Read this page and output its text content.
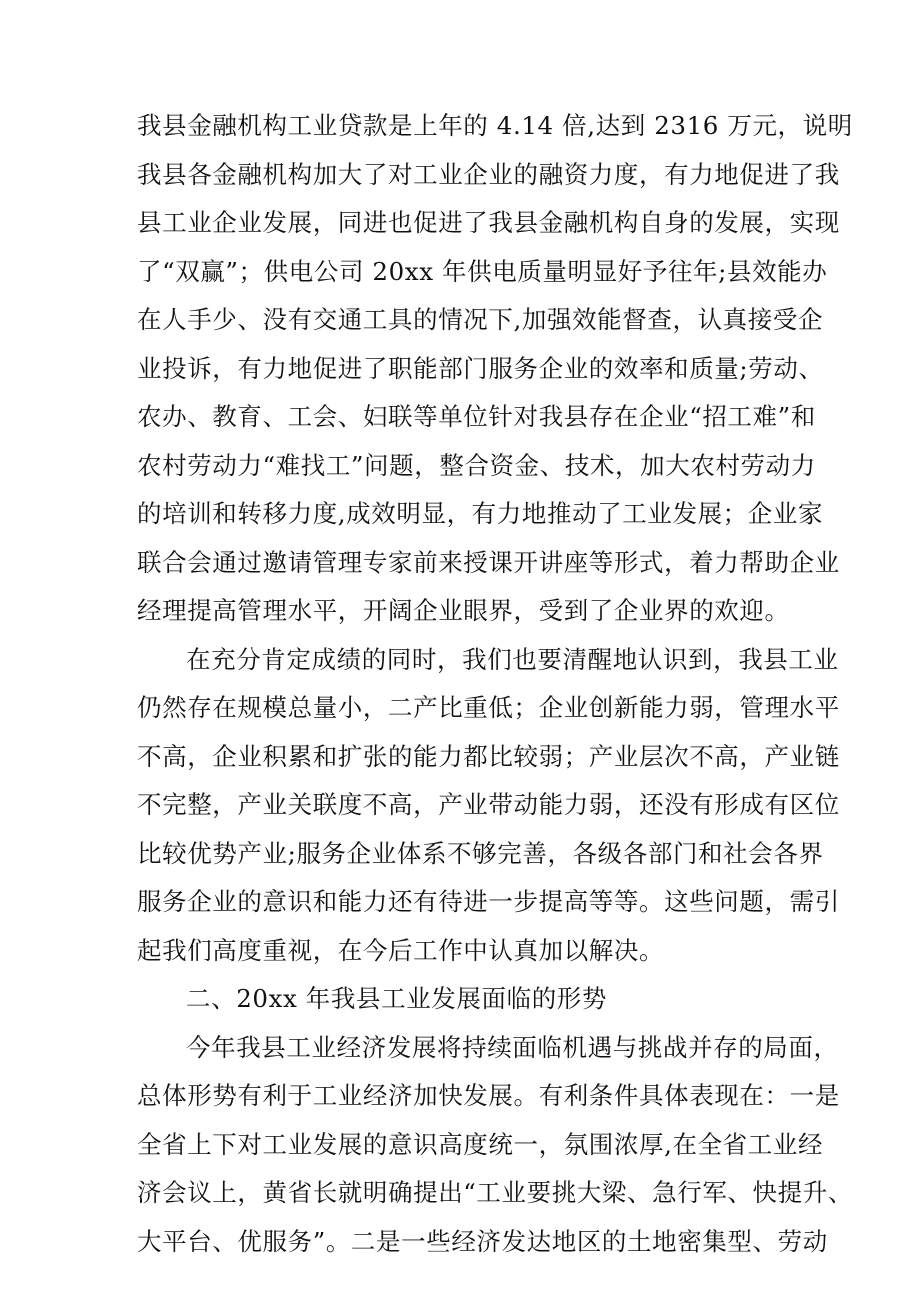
我县金融机构工业贷款是上年的 4.14 倍,达到 2316 万元，说明
我县各金融机构加大了对工业企业的融资力度，有力地促进了我
县工业企业发展，同进也促进了我县金融机构自身的发展，实现
了“双赢”；供电公司 20xx 年供电质量明显好予往年;县效能办
在人手少、没有交通工具的情况下,加强效能督查，认真接受企
业投诉，有力地促进了职能部门服务企业的效率和质量;劳动、
农办、教育、工会、妇联等单位针对我县存在企业“招工难”和
农村劳动力“难找工”问题，整合资金、技术，加大农村劳动力
的培训和转移力度,成效明显，有力地推动了工业发展；企业家
联合会通过邀请管理专家前来授课开讲座等形式，着力帮助企业
经理提高管理水平，开阔企业眼界，受到了企业界的欢迎。
在充分肯定成绩的同时，我们也要清醒地认识到，我县工业
仍然存在规模总量小，二产比重低；企业创新能力弱，管理水平
不高，企业积累和扩张的能力都比较弱；产业层次不高，产业链
不完整，产业关联度不高，产业带动能力弱，还没有形成有区位
比较优势产业;服务企业体系不够完善，各级各部门和社会各界
服务企业的意识和能力还有待进一步提高等等。这些问题，需引
起我们高度重视，在今后工作中认真加以解决。
二、20xx 年我县工业发展面临的形势
今年我县工业经济发展将持续面临机遇与挑战并存的局面，
总体形势有利于工业经济加快发展。有利条件具体表现在：一是
全省上下对工业发展的意识高度统一，氛围浓厚,在全省工业经
济会议上，黄省长就明确提出“工业要挑大梁、急行军、快提升、
大平台、优服务”。二是一些经济发达地区的土地密集型、劳动
